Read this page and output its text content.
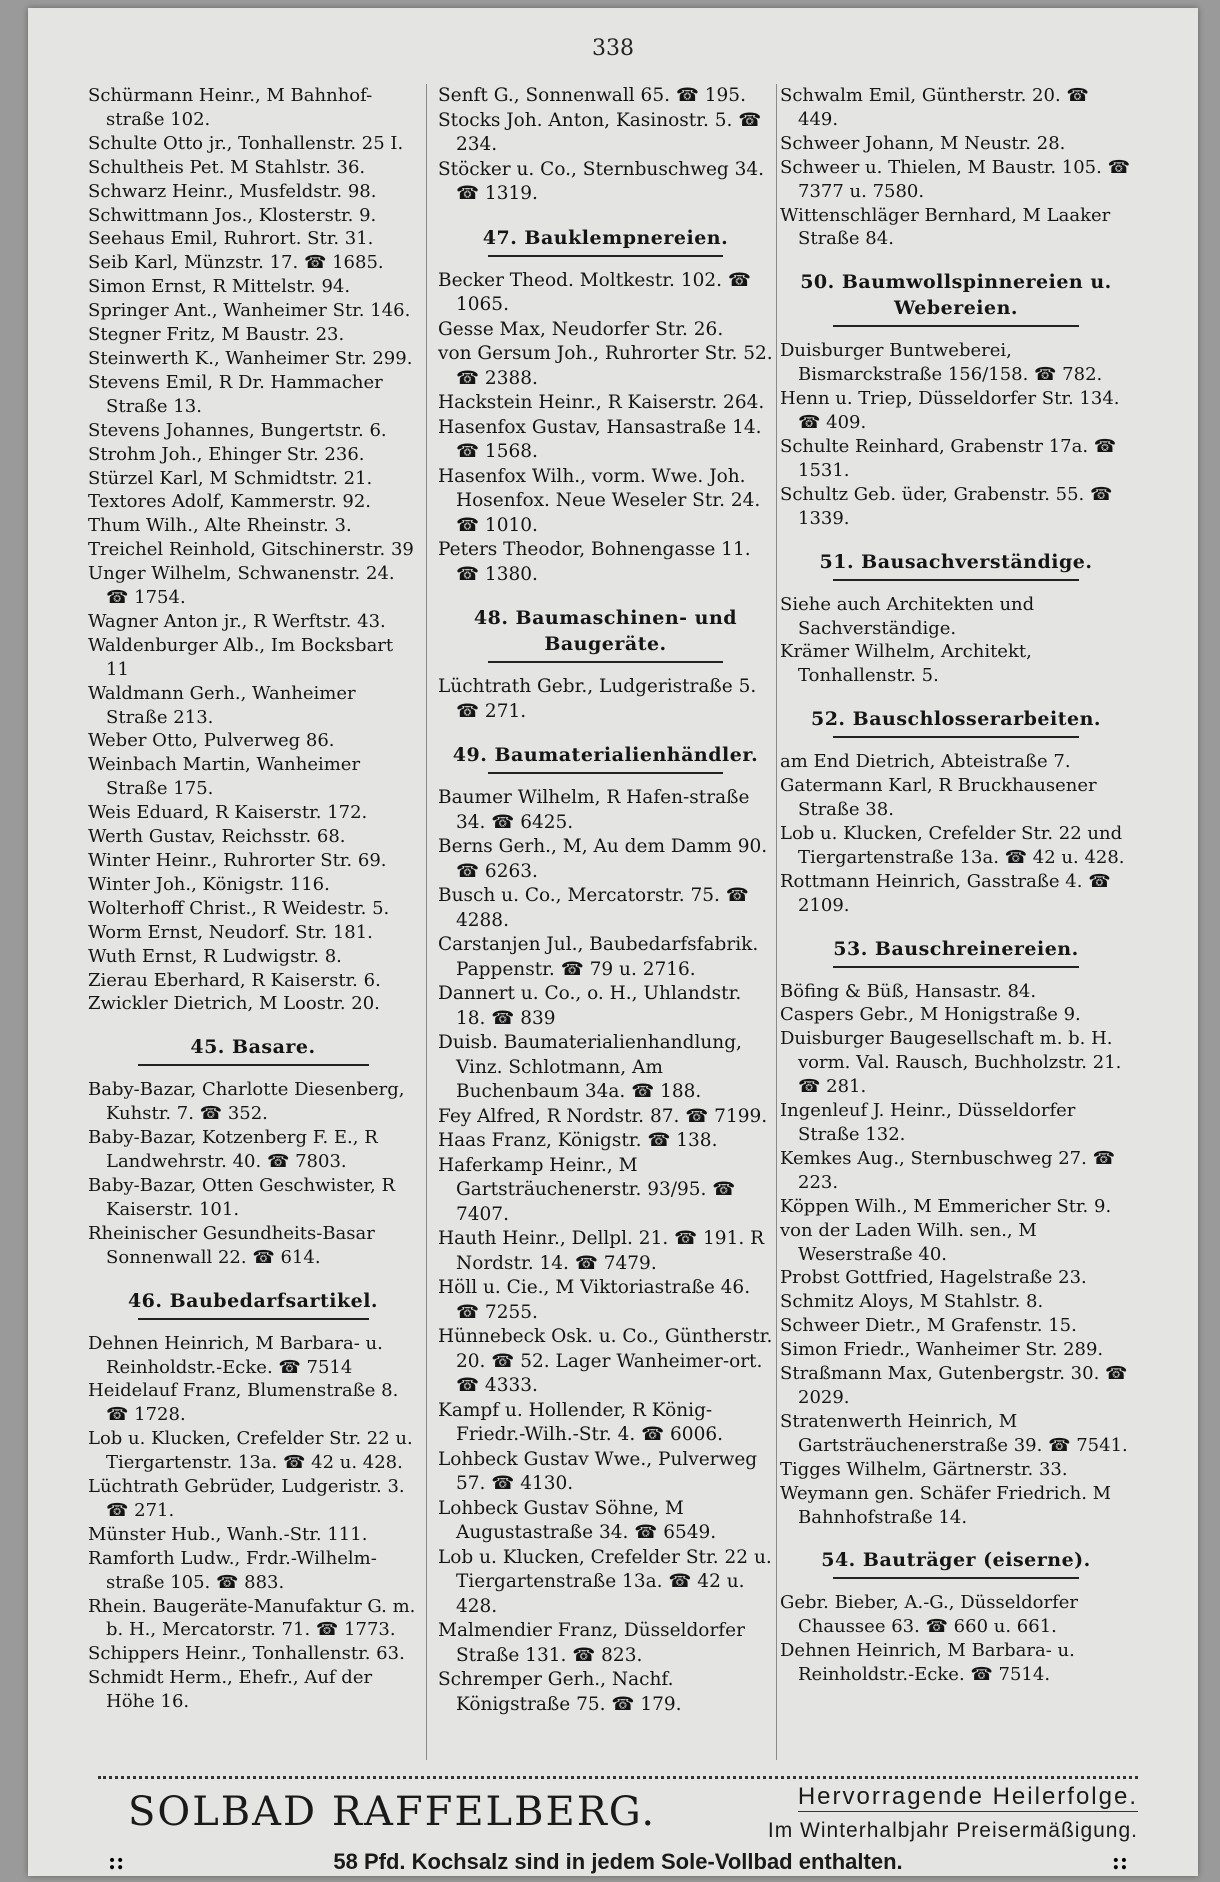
338

Schürmann Heinr., M Bahnhof-straße 102.

Schulte Otto jr., Tonhallenstr. 25 I.

Schultheis Pet. M Stahlstr. 36.

Schwarz Heinr., Musfeldstr. 98.

Schwittmann Jos., Klosterstr. 9.

Seehaus Emil, Ruhrort. Str. 31.

Seib Karl, Münzstr. 17. ☎ 1685.

Simon Ernst, R Mittelstr. 94.

Springer Ant., Wanheimer Str. 146.

Stegner Fritz, M Baustr. 23.

Steinwerth K., Wanheimer Str. 299.

Stevens Emil, R Dr. Hammacher Straße 13.

Stevens Johannes, Bungertstr. 6.

Strohm Joh., Ehinger Str. 236.

Stürzel Karl, M Schmidtstr. 21.

Textores Adolf, Kammerstr. 92.

Thum Wilh., Alte Rheinstr. 3.

Treichel Reinhold, Gitschinerstr. 39

Unger Wilhelm, Schwanenstr. 24. ☎ 1754.

Wagner Anton jr., R Werftstr. 43.

Waldenburger Alb., Im Bocksbart 11

Waldmann Gerh., Wanheimer Straße 213.

Weber Otto, Pulverweg 86.

Weinbach Martin, Wanheimer Straße 175.

Weis Eduard, R Kaiserstr. 172.

Werth Gustav, Reichsstr. 68.

Winter Heinr., Ruhrorter Str. 69.

Winter Joh., Königstr. 116.

Wolterhoff Christ., R Weidestr. 5.

Worm Ernst, Neudorf. Str. 181.

Wuth Ernst, R Ludwigstr. 8.

Zierau Eberhard, R Kaiserstr. 6.

Zwickler Dietrich, M Loostr. 20.

45. Basare.

Baby-Bazar, Charlotte Diesenberg, Kuhstr. 7. ☎ 352.

Baby-Bazar, Kotzenberg F. E., R Landwehrstr. 40. ☎ 7803.

Baby-Bazar, Otten Geschwister, R Kaiserstr. 101.

Rheinischer Gesundheits-Basar Sonnenwall 22. ☎ 614.

46. Baubedarfsartikel.

Dehnen Heinrich, M Barbara- u. Reinholdstr.-Ecke. ☎ 7514

Heidelauf Franz, Blumenstraße 8. ☎ 1728.

Lob u. Klucken, Crefelder Str. 22 u. Tiergartenstr. 13a. ☎ 42 u. 428.

Lüchtrath Gebrüder, Ludgeristr. 3. ☎ 271.

Münster Hub., Wanh.-Str. 111.

Ramforth Ludw., Frdr.-Wilhelm-straße 105. ☎ 883.

Rhein. Baugeräte-Manufaktur G. m. b. H., Mercatorstr. 71. ☎ 1773.

Schippers Heinr., Tonhallenstr. 63.

Schmidt Herm., Ehefr., Auf der Höhe 16.

Senft G., Sonnenwall 65. ☎ 195.

Stocks Joh. Anton, Kasinostr. 5. ☎ 234.

Stöcker u. Co., Sternbuschweg 34. ☎ 1319.

47. Bauklempnereien.

Becker Theod. Moltkestr. 102. ☎ 1065.

Gesse Max, Neudorfer Str. 26.

von Gersum Joh., Ruhrorter Str. 52. ☎ 2388.

Hackstein Heinr., R Kaiserstr. 264.

Hasenfox Gustav, Hansastraße 14. ☎ 1568.

Hasenfox Wilh., vorm. Wwe. Joh. Hosenfox. Neue Weseler Str. 24. ☎ 1010.

Peters Theodor, Bohnengasse 11. ☎ 1380.

48. Baumaschinen- und Baugeräte.

Lüchtrath Gebr., Ludgeristraße 5. ☎ 271.

49. Baumaterialienhändler.

Baumer Wilhelm, R Hafen-straße 34. ☎ 6425.

Berns Gerh., M, Au dem Damm 90. ☎ 6263.

Busch u. Co., Mercatorstr. 75. ☎ 4288.

Carstanjen Jul., Baubedarfsfabrik. Pappenstr. ☎ 79 u. 2716.

Dannert u. Co., o. H., Uhlandstr. 18. ☎ 839

Duisb. Baumaterialienhandlung, Vinz. Schlotmann, Am Buchenbaum 34a. ☎ 188.

Fey Alfred, R Nordstr. 87. ☎ 7199.

Haas Franz, Königstr. ☎ 138.

Haferkamp Heinr., M Gartsträuchenerstr. 93/95. ☎ 7407.

Hauth Heinr., Dellpl. 21. ☎ 191. R Nordstr. 14. ☎ 7479.

Höll u. Cie., M Viktoriastraße 46. ☎ 7255.

Hünnebeck Osk. u. Co., Güntherstr. 20. ☎ 52. Lager Wanheimer-ort. ☎ 4333.

Kampf u. Hollender, R König-Friedr.-Wilh.-Str. 4. ☎ 6006.

Lohbeck Gustav Wwe., Pulverweg 57. ☎ 4130.

Lohbeck Gustav Söhne, M Augustastraße 34. ☎ 6549.

Lob u. Klucken, Crefelder Str. 22 u. Tiergartenstraße 13a. ☎ 42 u. 428.

Malmendier Franz, Düsseldorfer Straße 131. ☎ 823.

Schremper Gerh., Nachf. Königstraße 75. ☎ 179.

Schwalm Emil, Güntherstr. 20. ☎ 449.

Schweer Johann, M Neustr. 28.

Schweer u. Thielen, M Baustr. 105. ☎ 7377 u. 7580.

Wittenschläger Bernhard, M Laaker Straße 84.

50. Baumwollspinnereien u. Webereien.

Duisburger Buntweberei, Bismarckstraße 156/158. ☎ 782.

Henn u. Triep, Düsseldorfer Str. 134. ☎ 409.

Schulte Reinhard, Grabenstr 17a. ☎ 1531.

Schultz Geb. üder, Grabenstr. 55. ☎ 1339.

51. Bausachverständige.

Siehe auch Architekten und Sachverständige.

Krämer Wilhelm, Architekt, Tonhallenstr. 5.

52. Bauschlosserarbeiten.

am End Dietrich, Abteistraße 7.

Gatermann Karl, R Bruckhausener Straße 38.

Lob u. Klucken, Crefelder Str. 22 und Tiergartenstraße 13a. ☎ 42 u. 428.

Rottmann Heinrich, Gasstraße 4. ☎ 2109.

53. Bauschreinereien.

Böfing & Büß, Hansastr. 84.

Caspers Gebr., M Honigstraße 9.

Duisburger Baugesellschaft m. b. H. vorm. Val. Rausch, Buchholzstr. 21. ☎ 281.

Ingenleuf J. Heinr., Düsseldorfer Straße 132.

Kemkes Aug., Sternbuschweg 27. ☎ 223.

Köppen Wilh., M Emmericher Str. 9.

von der Laden Wilh. sen., M Weserstraße 40.

Probst Gottfried, Hagelstraße 23.

Schmitz Aloys, M Stahlstr. 8.

Schweer Dietr., M Grafenstr. 15.

Simon Friedr., Wanheimer Str. 289.

Straßmann Max, Gutenbergstr. 30. ☎ 2029.

Stratenwerth Heinrich, M Gartsträuchenerstraße 39. ☎ 7541.

Tigges Wilhelm, Gärtnerstr. 33.

Weymann gen. Schäfer Friedrich. M Bahnhofstraße 14.

54. Bauträger (eiserne).

Gebr. Bieber, A.-G., Düsseldorfer Chaussee 63. ☎ 660 u. 661.

Dehnen Heinrich, M Barbara- u. Reinholdstr.-Ecke. ☎ 7514.

SOLBAD RAFFELBERG.	Hervorragende Heilerfolge.
Im Winterhalbjahr Preisermäßigung.
::	58 Pfd. Kochsalz sind in jedem Sole-Vollbad enthalten.	::
